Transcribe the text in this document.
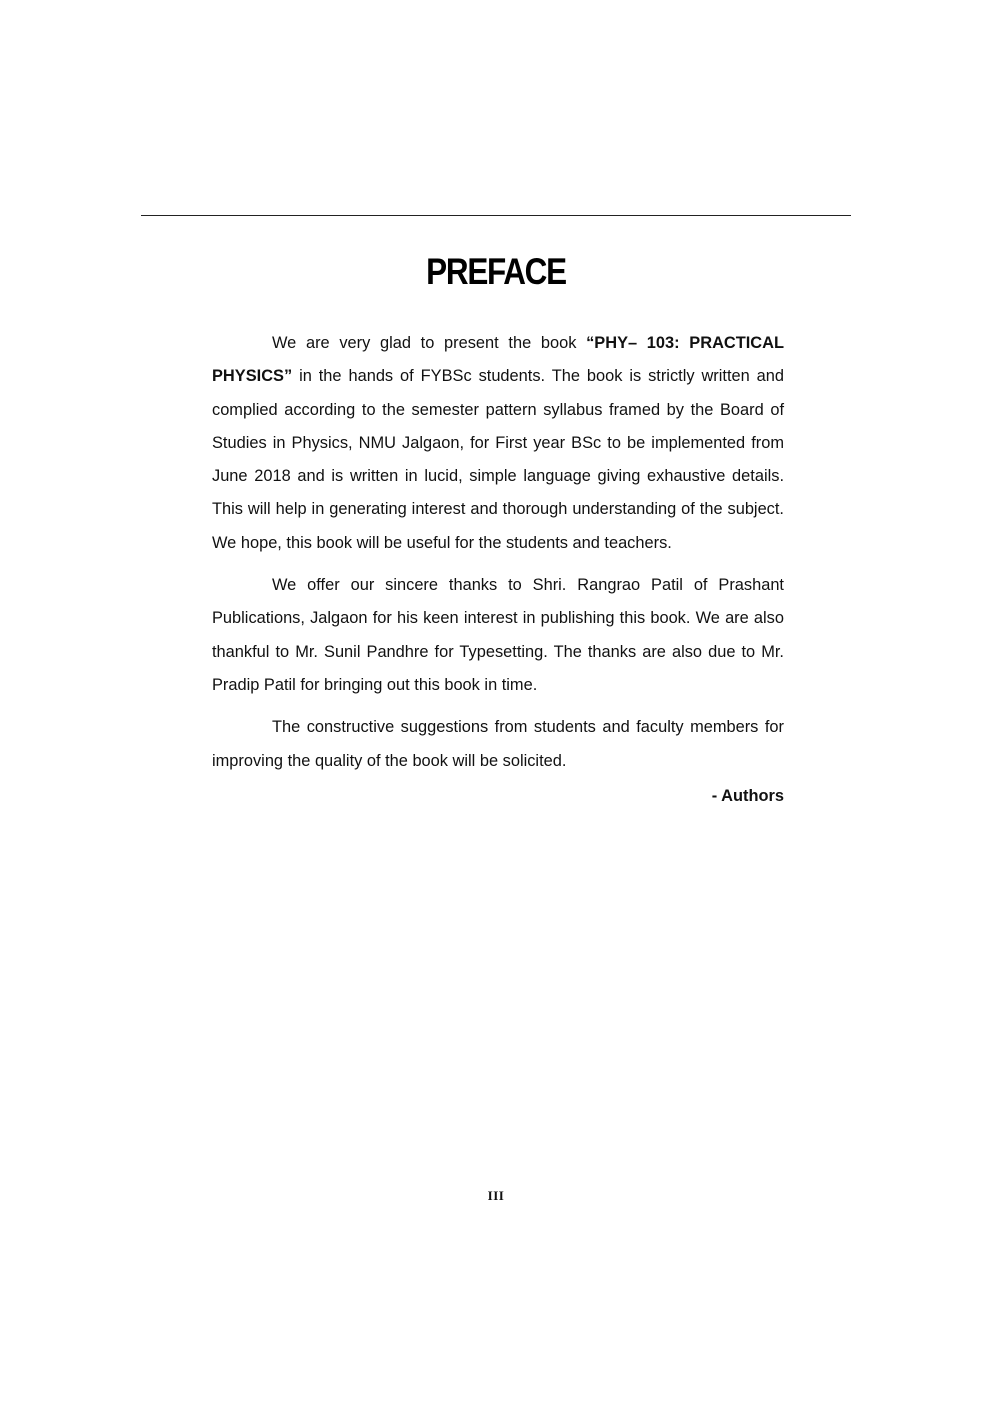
PREFACE

We are very glad to present the book “PHY– 103: PRACTICAL PHYSICS” in the hands of FYBSc students. The book is strictly written and complied according to the semester pattern syllabus framed by the Board of Studies in Physics, NMU Jalgaon, for First year BSc to be implemented from June 2018 and is written in lucid, simple language giving exhaustive details. This will help in generating interest and thorough understanding of the subject. We hope, this book will be useful for the students and teachers.

We offer our sincere thanks to Shri. Rangrao Patil of Prashant Publications, Jalgaon for his keen interest in publishing this book. We are also thankful to Mr. Sunil Pandhre for Typesetting. The thanks are also due to Mr. Pradip Patil for bringing out this book in time.

The constructive suggestions from students and faculty members for improving the quality of the book will be solicited.

- Authors
III
